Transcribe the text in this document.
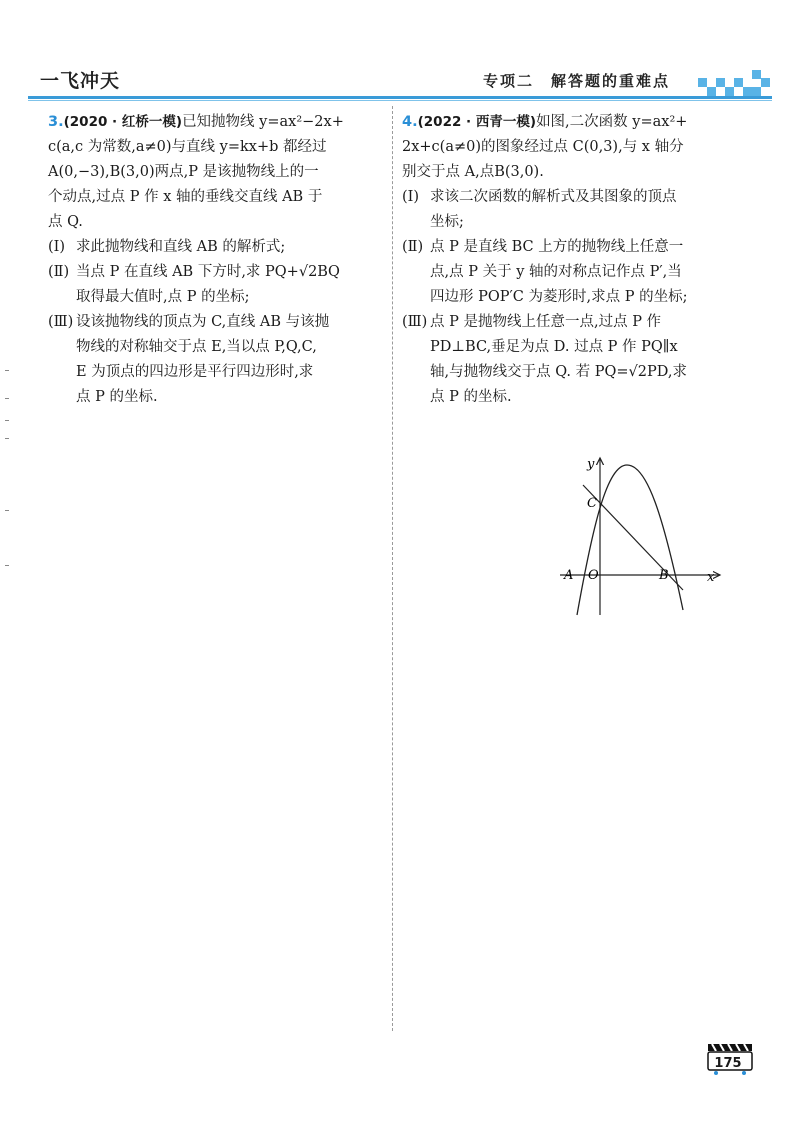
一飞冲天	专项二　解答题的重难点
3.(2020 · 红桥一模)已知抛物线 y=ax²−2x+
c(a,c 为常数,a≠0)与直线 y=kx+b 都经过
A(0,−3),B(3,0)两点,P 是该抛物线上的一
个动点,过点 P 作 x 轴的垂线交直线 AB 于
点 Q.
(Ⅰ) 求此抛物线和直线 AB 的解析式;
(Ⅱ) 当点 P 在直线 AB 下方时,求 PQ+√2BQ
取得最大值时,点 P 的坐标;
(Ⅲ) 设该抛物线的顶点为 C,直线 AB 与该抛
物线的对称轴交于点 E,当以点 P,Q,C,
E 为顶点的四边形是平行四边形时,求
点 P 的坐标.
4.(2022 · 西青一模)如图,二次函数 y=ax²+
2x+c(a≠0)的图象经过点 C(0,3),与 x 轴分
别交于点 A,点B(3,0).
(Ⅰ) 求该二次函数的解析式及其图象的顶点
坐标;
(Ⅱ) 点 P 是直线 BC 上方的抛物线上任意一
点,点 P 关于 y 轴的对称点记作点 P′,当
四边形 POP′C 为菱形时,求点 P 的坐标;
(Ⅲ) 点 P 是抛物线上任意一点,过点 P 作
PD⊥BC,垂足为点 D. 过点 P 作 PQ∥x
轴,与抛物线交于点 Q. 若 PQ=√2PD,求
点 P 的坐标.
y
x
C
A O	B
175
